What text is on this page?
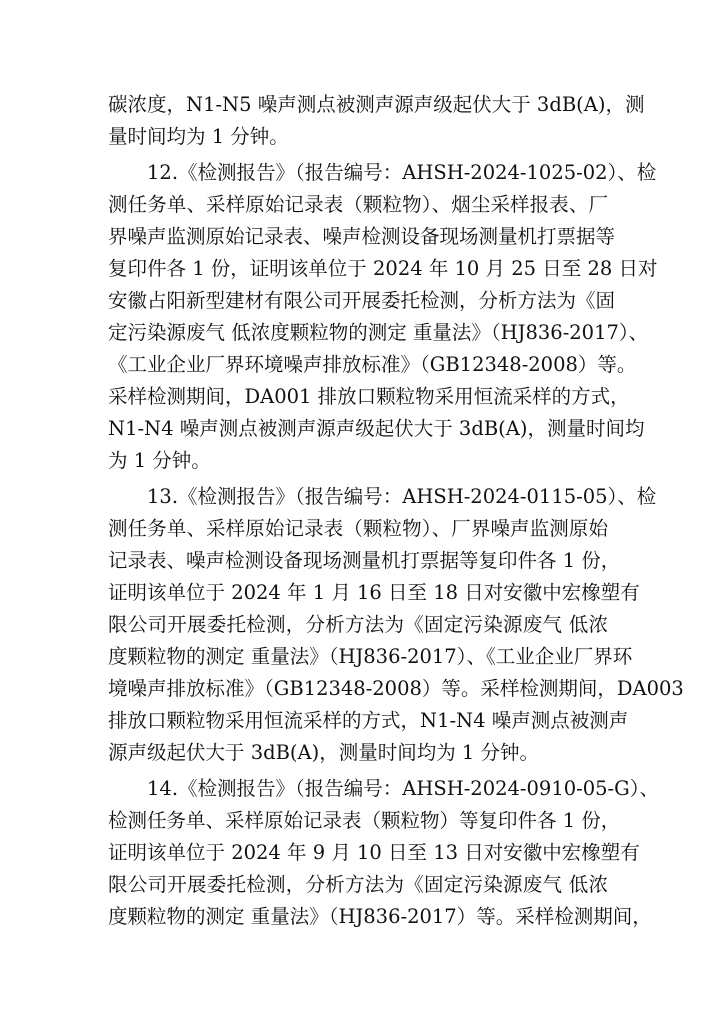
碳浓度，N1-N5 噪声测点被测声源声级起伏大于 3dB(A)，测
量时间均为 1 分钟。
12.《检测报告》（报告编号：AHSH-2024-1025-02）、检
测任务单、采样原始记录表（颗粒物）、烟尘采样报表、厂
界噪声监测原始记录表、噪声检测设备现场测量机打票据等
复印件各 1 份，证明该单位于 2024 年 10 月 25 日至 28 日对
安徽占阳新型建材有限公司开展委托检测，分析方法为《固
定污染源废气 低浓度颗粒物的测定 重量法》（HJ836-2017）、
《工业企业厂界环境噪声排放标准》（GB12348-2008）等。
采样检测期间，DA001 排放口颗粒物采用恒流采样的方式，
N1-N4 噪声测点被测声源声级起伏大于 3dB(A)，测量时间均
为 1 分钟。
13.《检测报告》（报告编号：AHSH-2024-0115-05）、检
测任务单、采样原始记录表（颗粒物）、厂界噪声监测原始
记录表、噪声检测设备现场测量机打票据等复印件各 1 份，
证明该单位于 2024 年 1 月 16 日至 18 日对安徽中宏橡塑有
限公司开展委托检测，分析方法为《固定污染源废气 低浓
度颗粒物的测定 重量法》（HJ836-2017）、《工业企业厂界环
境噪声排放标准》（GB12348-2008）等。采样检测期间，DA003
排放口颗粒物采用恒流采样的方式，N1-N4 噪声测点被测声
源声级起伏大于 3dB(A)，测量时间均为 1 分钟。
14.《检测报告》（报告编号：AHSH-2024-0910-05-G）、
检测任务单、采样原始记录表（颗粒物）等复印件各 1 份，
证明该单位于 2024 年 9 月 10 日至 13 日对安徽中宏橡塑有
限公司开展委托检测，分析方法为《固定污染源废气 低浓
度颗粒物的测定 重量法》（HJ836-2017）等。采样检测期间，
